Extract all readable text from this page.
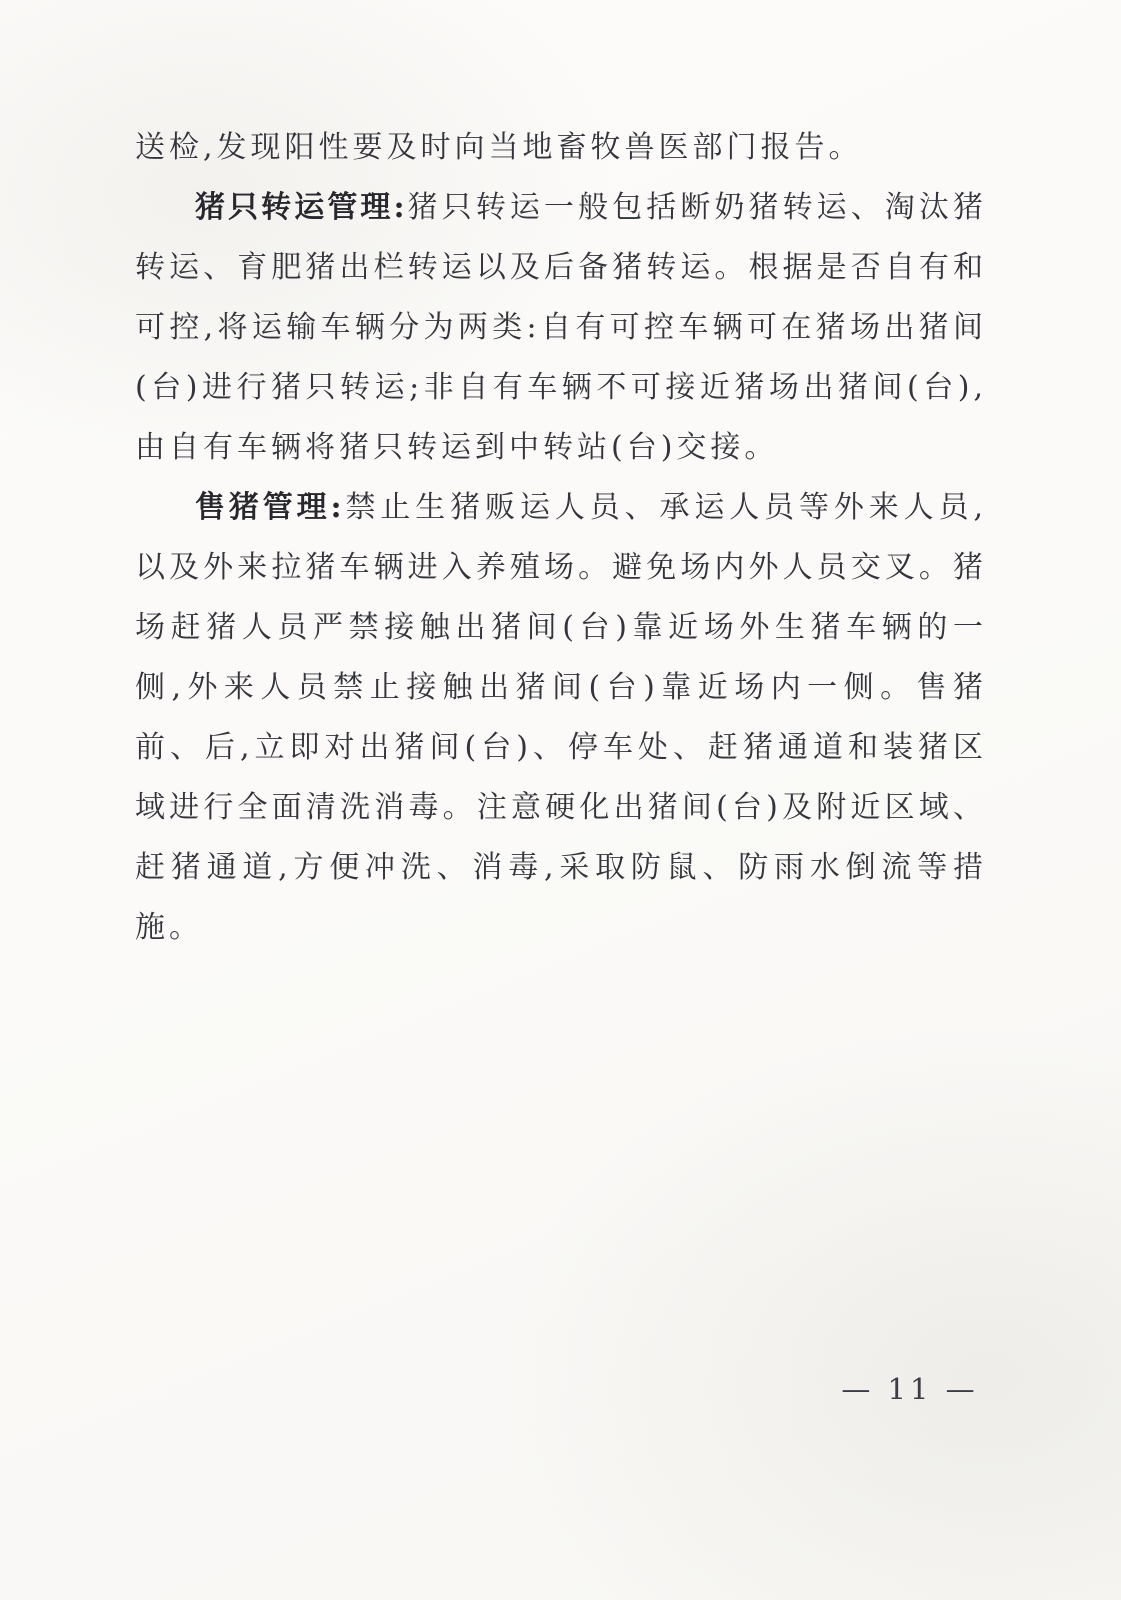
送检,发现阳性要及时向当地畜牧兽医部门报告。

猪只转运管理:猪只转运一般包括断奶猪转运、淘汰猪转运、育肥猪出栏转运以及后备猪转运。根据是否自有和可控,将运输车辆分为两类:自有可控车辆可在猪场出猪间(台)进行猪只转运;非自有车辆不可接近猪场出猪间(台),由自有车辆将猪只转运到中转站(台)交接。

售猪管理:禁止生猪贩运人员、承运人员等外来人员,以及外来拉猪车辆进入养殖场。避免场内外人员交叉。猪场赶猪人员严禁接触出猪间(台)靠近场外生猪车辆的一侧,外来人员禁止接触出猪间(台)靠近场内一侧。售猪前、后,立即对出猪间(台)、停车处、赶猪通道和装猪区域进行全面清洗消毒。注意硬化出猪间(台)及附近区域、赶猪通道,方便冲洗、消毒,采取防鼠、防雨水倒流等措施。

— 11 —
